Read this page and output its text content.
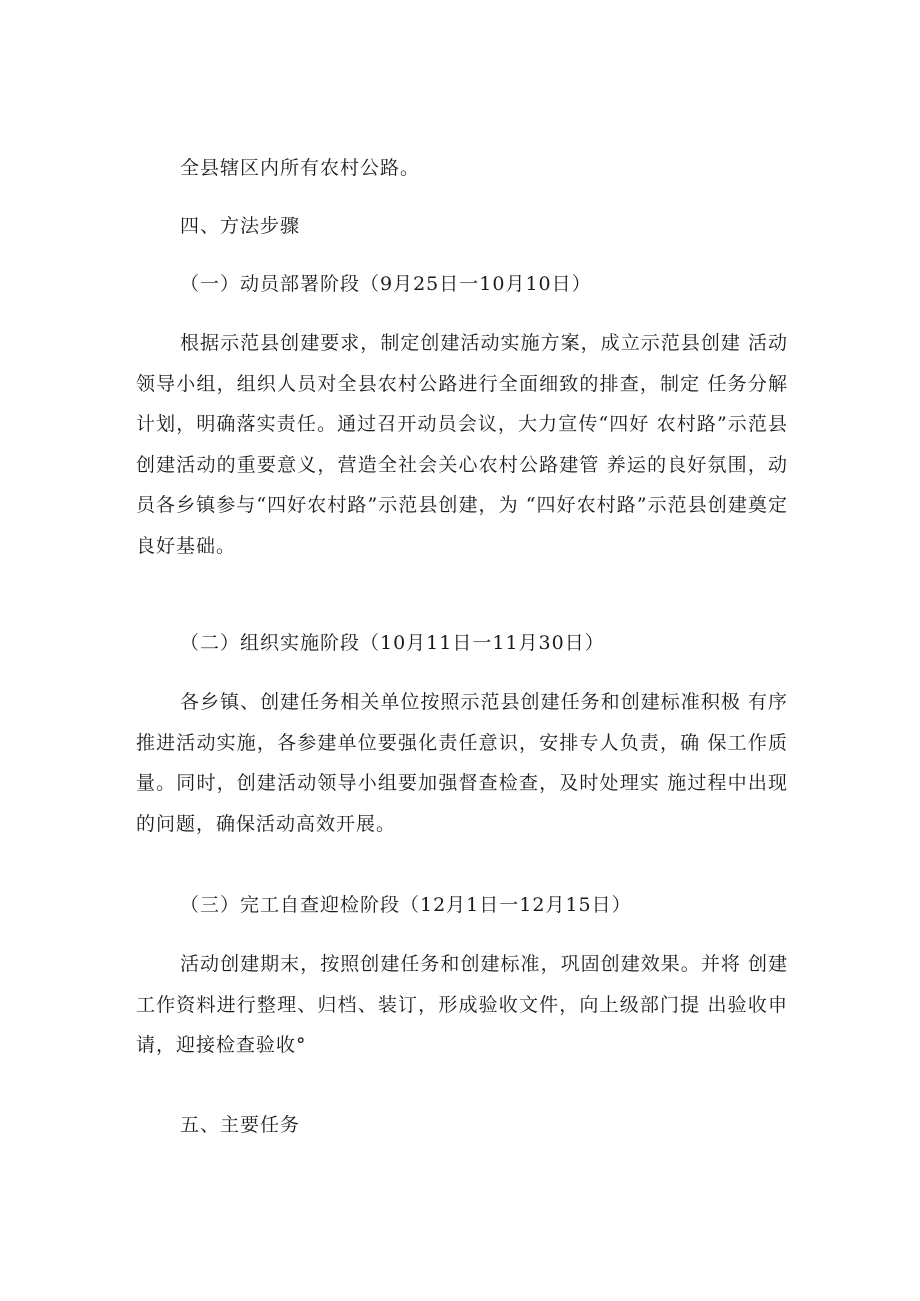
全县辖区内所有农村公路。
四、方法步骤
（一）动员部署阶段（9月25日一10月10日）
根据示范县创建要求，制定创建活动实施方案，成立示范县创建 活动领导小组，组织人员对全县农村公路进行全面细致的排查，制定 任务分解计划，明确落实责任。通过召开动员会议，大力宣传“四好 农村路”示范县创建活动的重要意义，营造全社会关心农村公路建管 养运的良好氛围，动员各乡镇参与“四好农村路”示范县创建，为 “四好农村路”示范县创建奠定良好基础。
（二）组织实施阶段（10月11日一11月30日）
各乡镇、创建任务相关单位按照示范县创建任务和创建标准积极 有序推进活动实施，各参建单位要强化责任意识，安排专人负责，确 保工作质量。同时，创建活动领导小组要加强督查检查，及时处理实 施过程中出现的问题，确保活动高效开展。
（三）完工自查迎检阶段（12月1日一12月15日）
活动创建期末，按照创建任务和创建标准，巩固创建效果。并将 创建工作资料进行整理、归档、装订，形成验收文件，向上级部门提 出验收申请，迎接检查验收°
五、主要任务
